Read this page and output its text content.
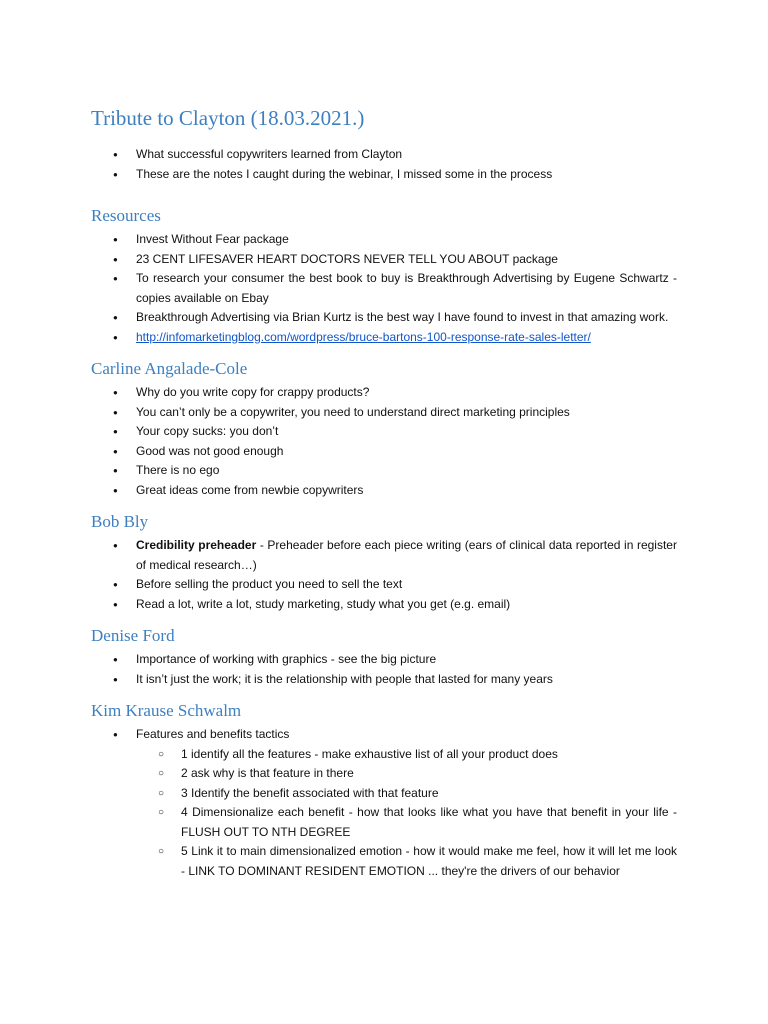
Tribute to Clayton (18.03.2021.)
● What successful copywriters learned from Clayton
● These are the notes I caught during the webinar, I missed some in the process
Resources
● Invest Without Fear package
● 23 CENT LIFESAVER HEART DOCTORS NEVER TELL YOU ABOUT package
● To research your consumer the best book to buy is Breakthrough Advertising by Eugene Schwartz - copies available on Ebay
● Breakthrough Advertising via Brian Kurtz is the best way I have found to invest in that amazing work.
● http://infomarketingblog.com/wordpress/bruce-bartons-100-response-rate-sales-letter/
Carline Angalade-Cole
● Why do you write copy for crappy products?
● You can’t only be a copywriter, you need to understand direct marketing principles
● Your copy sucks: you don’t
● Good was not good enough
● There is no ego
● Great ideas come from newbie copywriters
Bob Bly
● Credibility preheader - Preheader before each piece writing (ears of clinical data reported in register of medical research…)
● Before selling the product you need to sell the text
● Read a lot, write a lot, study marketing, study what you get (e.g. email)
Denise Ford
● Importance of working with graphics - see the big picture
● It isn’t just the work; it is the relationship with people that lasted for many years
Kim Krause Schwalm
● Features and benefits tactics
○ 1 identify all the features - make exhaustive list of all your product does
○ 2 ask why is that feature in there
○ 3 Identify the benefit associated with that feature
○ 4 Dimensionalize each benefit - how that looks like what you have that benefit in your life - FLUSH OUT TO NTH DEGREE
○ 5 Link it to main dimensionalized emotion - how it would make me feel, how it will let me look - LINK TO DOMINANT RESIDENT EMOTION ... they're the drivers of our behavior
